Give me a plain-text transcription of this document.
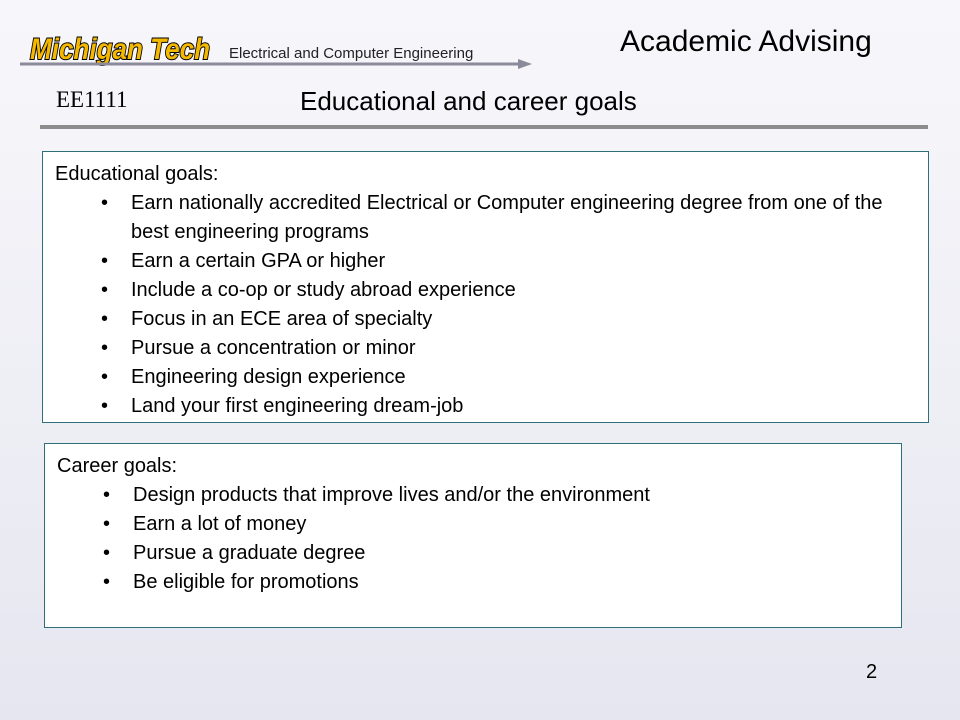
Michigan Tech Electrical and Computer Engineering	Academic Advising
EE1111	Educational and career goals
Educational goals:
• Earn nationally accredited Electrical or Computer engineering degree from one of the best engineering programs
• Earn a certain GPA or higher
• Include a co-op or study abroad experience
• Focus in an ECE area of specialty
• Pursue a concentration or minor
• Engineering design experience
• Land your first engineering dream-job
Career goals:
• Design products that improve lives and/or the environment
• Earn a lot of money
• Pursue a graduate degree
• Be eligible for promotions
2
